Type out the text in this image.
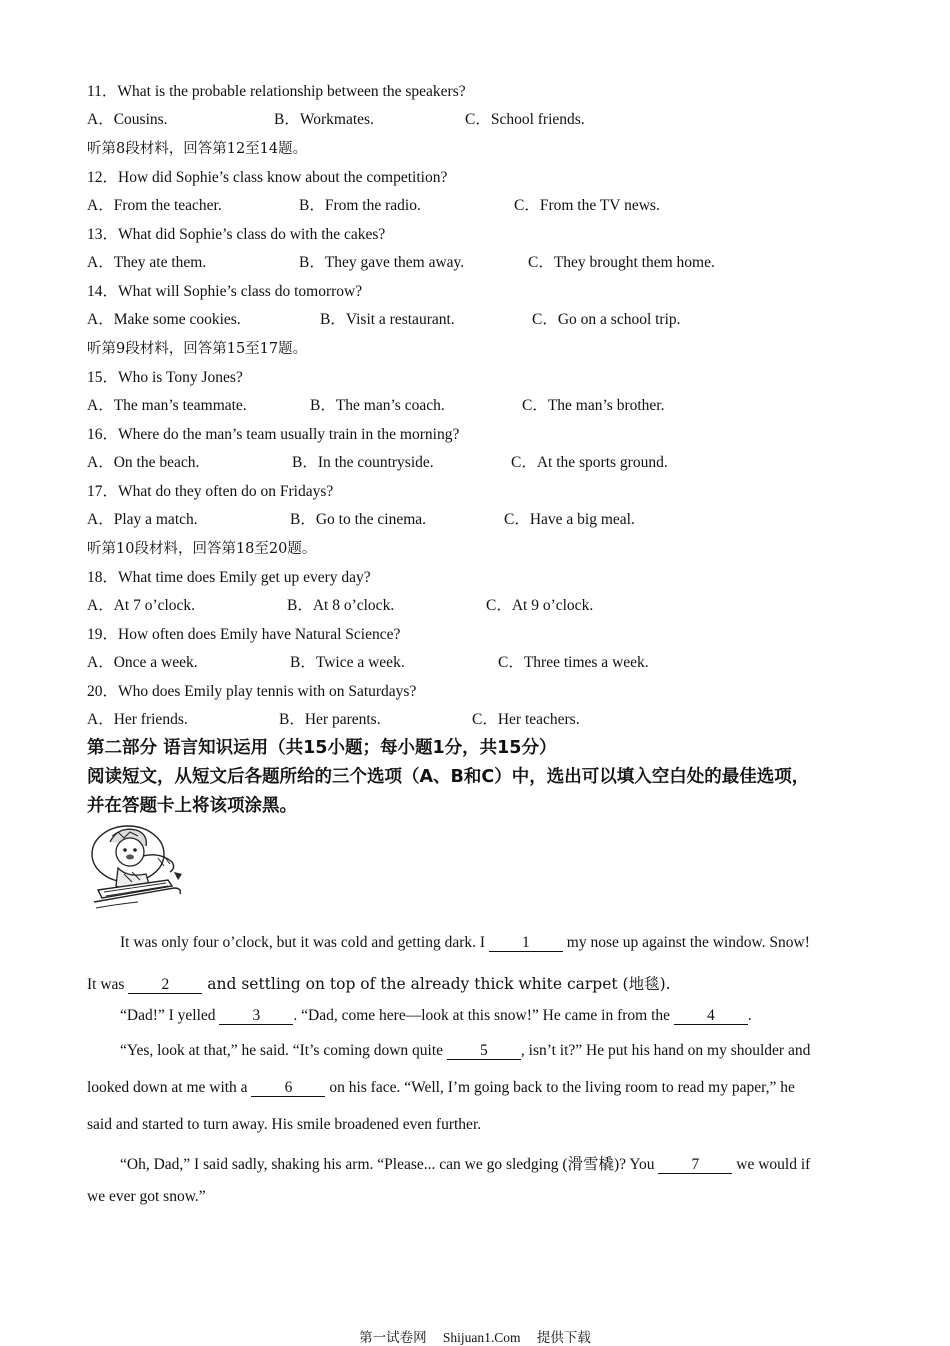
11．What is the probable relationship between the speakers?
A．Cousins.	B．Workmates.	C．School friends.
听第8段材料，回答第12至14题。
12．How did Sophie’s class know about the competition?
A．From the teacher.	B．From the radio.	C．From the TV news.
13．What did Sophie’s class do with the cakes?
A．They ate them.	B．They gave them away.	C．They brought them home.
14．What will Sophie’s class do tomorrow?
A．Make some cookies.	B．Visit a restaurant.	C．Go on a school trip.
听第9段材料，回答第15至17题。
15．Who is Tony Jones?
A．The man’s teammate.	B．The man’s coach.	C．The man’s brother.
16．Where do the man’s team usually train in the morning?
A．On the beach.	B．In the countryside.	C．At the sports ground.
17．What do they often do on Fridays?
A．Play a match.	B．Go to the cinema.	C．Have a big meal.
听第10段材料，回答第18至20题。
18．What time does Emily get up every day?
A．At 7 o’clock.	B．At 8 o’clock.	C．At 9 o’clock.
19．How often does Emily have Natural Science?
A．Once a week.	B．Twice a week.	C．Three times a week.
20．Who does Emily play tennis with on Saturdays?
A．Her friends.	B．Her parents.	C．Her teachers.
第二部分 语言知识运用（共15小题；每小题1分，共15分）
阅读短文，从短文后各题所给的三个选项（A、B和C）中，选出可以填入空白处的最佳选项，
并在答题卡上将该项涂黑。
It was only four o’clock, but it was cold and getting dark. I 1 my nose up against the window. Snow!
It was 2 and settling on top of the already thick white carpet (地毯).
“Dad!” I yelled 3 . “Dad, come here—look at this snow!” He came in from the 4 .
“Yes, look at that,” he said. “It’s coming down quite 5 , isn’t it?” He put his hand on my shoulder and
looked down at me with a 6 on his face. “Well, I’m going back to the living room to read my paper,” he
said and started to turn away. His smile broadened even further.
“Oh, Dad,” I said sadly, shaking his arm. “Please... can we go sledging (滑雪橇)? You 7 we would if
we ever got snow.”
第一试卷网 Shijuan1.Com 提供下载
